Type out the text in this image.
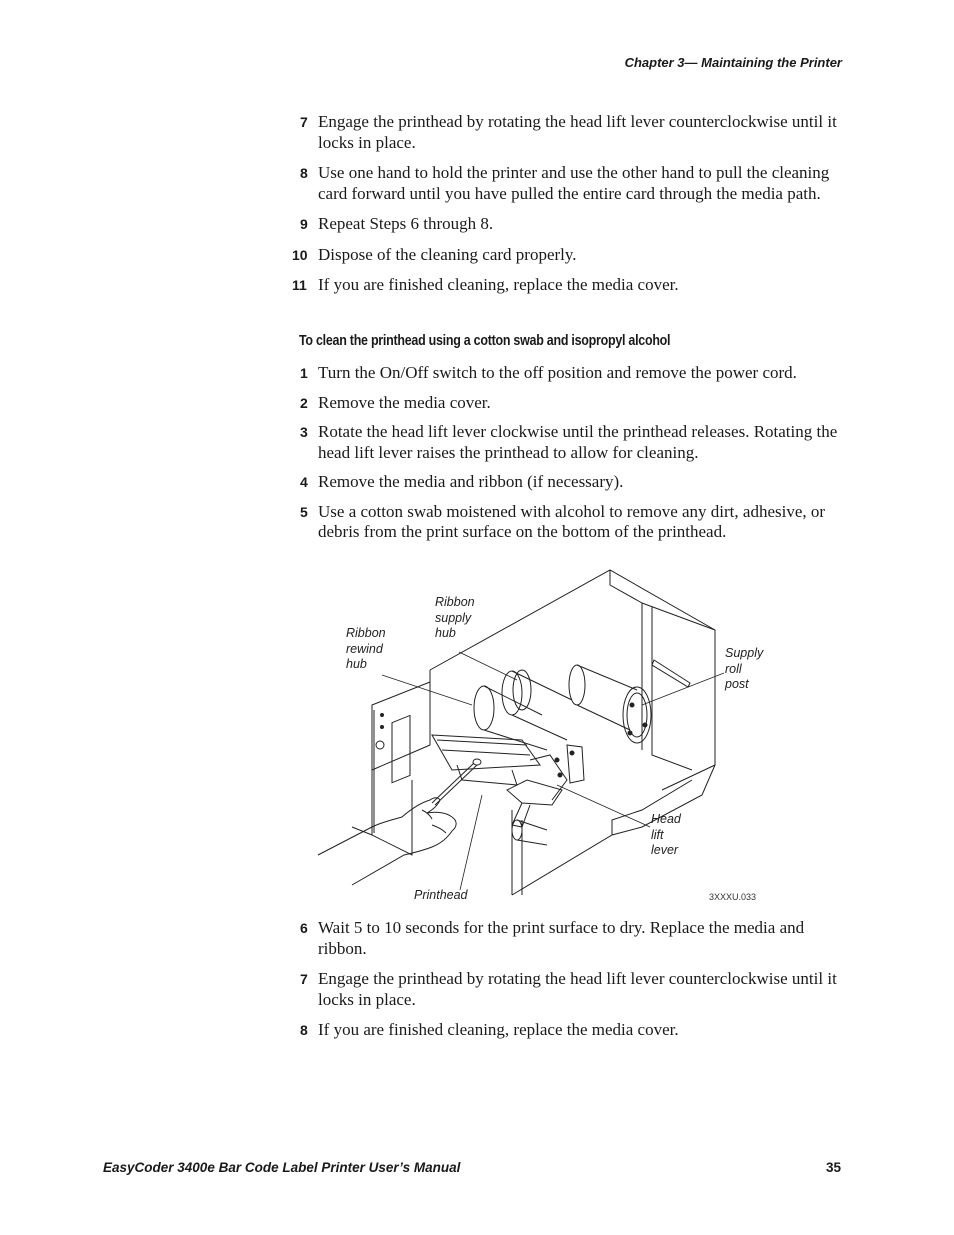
Chapter 3— Maintaining the Printer
7 Engage the printhead by rotating the head lift lever counterclockwise until it locks in place.
8 Use one hand to hold the printer and use the other hand to pull the cleaning card forward until you have pulled the entire card through the media path.
9 Repeat Steps 6 through 8.
10 Dispose of the cleaning card properly.
11 If you are finished cleaning, replace the media cover.
To clean the printhead using a cotton swab and isopropyl alcohol
1 Turn the On/Off switch to the off position and remove the power cord.
2 Remove the media cover.
3 Rotate the head lift lever clockwise until the printhead releases. Rotating the head lift lever raises the printhead to allow for cleaning.
4 Remove the media and ribbon (if necessary).
5 Use a cotton swab moistened with alcohol to remove any dirt, adhesive, or debris from the print surface on the bottom of the printhead.
Ribbon
supply
hub
Ribbon
rewind
hub
Supply
roll
post
Head
lift
lever
Printhead	3XXXU.033
6 Wait 5 to 10 seconds for the print surface to dry. Replace the media and ribbon.
7 Engage the printhead by rotating the head lift lever counterclockwise until it locks in place.
8 If you are finished cleaning, replace the media cover.
EasyCoder 3400e Bar Code Label Printer User’s Manual	35
